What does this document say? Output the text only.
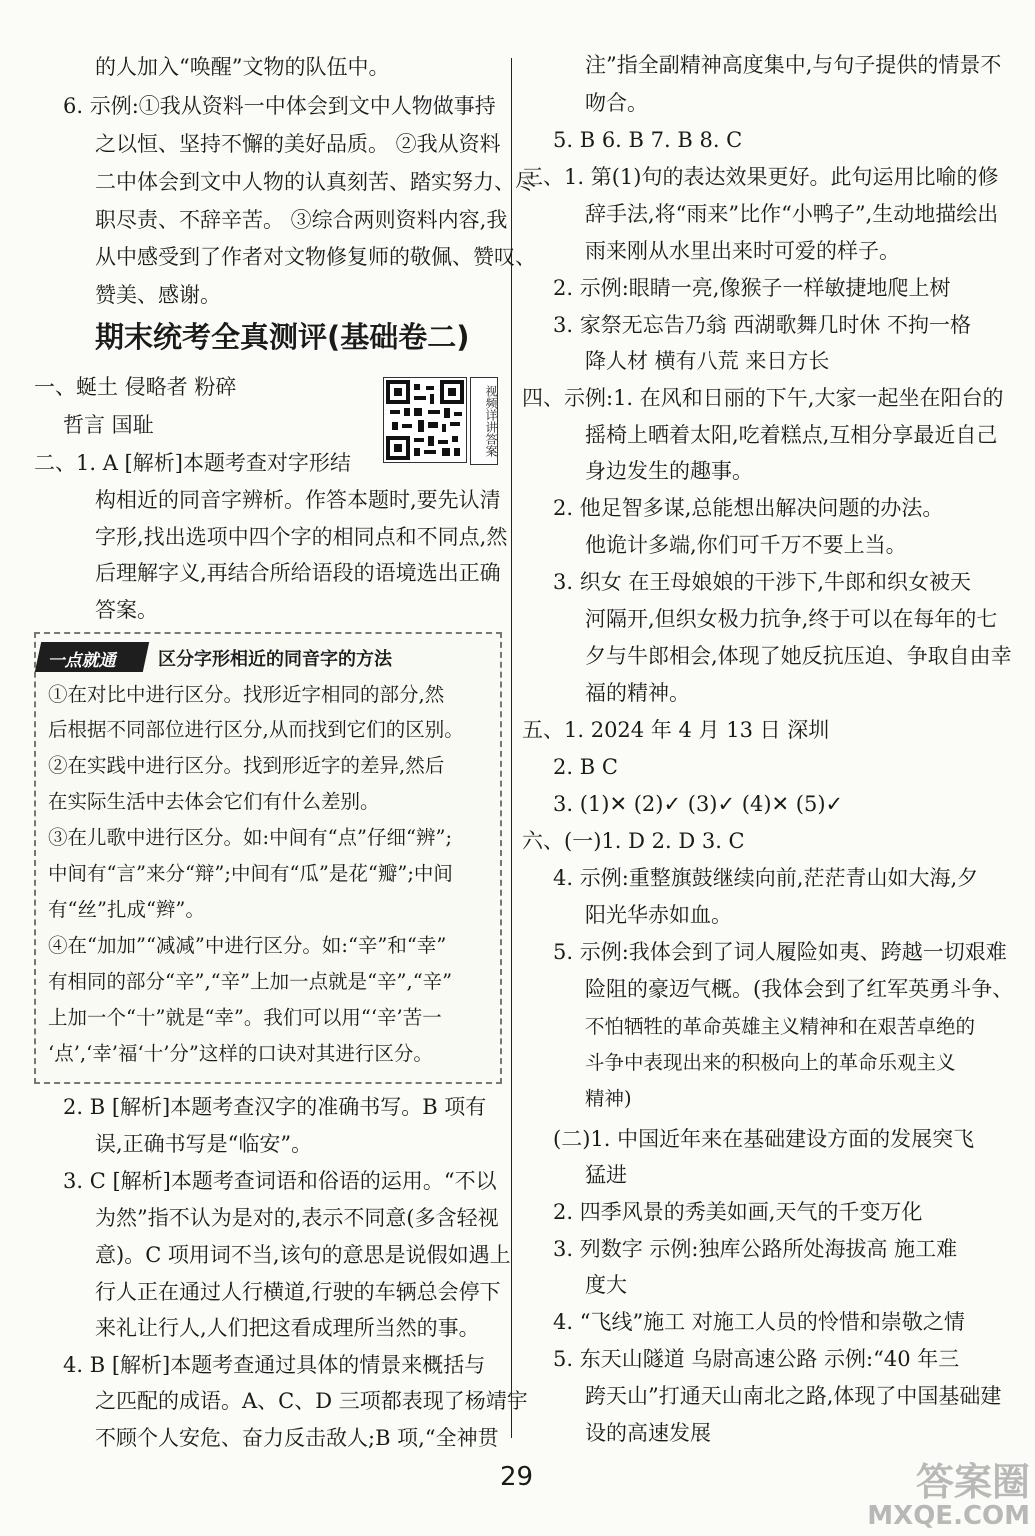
的人加入“唤醒”文物的队伍中。
6. 示例:①我从资料一中体会到文中人物做事持
之以恒、坚持不懈的美好品质。 ②我从资料
二中体会到文中人物的认真刻苦、踏实努力、尽
职尽责、不辞辛苦。 ③综合两则资料内容,我
从中感受到了作者对文物修复师的敬佩、赞叹、
赞美、感谢。
期末统考全真测评(基础卷二)
视频详讲答案
一、蜒土 侵略者 粉碎
哲言 国耻
二、1. A [解析]本题考查对字形结
构相近的同音字辨析。作答本题时,要先认清
字形,找出选项中四个字的相同点和不同点,然
后理解字义,再结合所给语段的语境选出正确
答案。
一点就通 区分字形相近的同音字的方法
①在对比中进行区分。找形近字相同的部分,然
后根据不同部位进行区分,从而找到它们的区别。
②在实践中进行区分。找到形近字的差异,然后
在实际生活中去体会它们有什么差别。
③在儿歌中进行区分。如:中间有“点”仔细“辨”;
中间有“言”来分“辩”;中间有“瓜”是花“瓣”;中间
有“丝”扎成“辫”。
④在“加加”“减减”中进行区分。如:“辛”和“幸”
有相同的部分“辛”,“辛”上加一点就是“辛”,“辛”
上加一个“十”就是“幸”。我们可以用“‘辛’苦一
‘点’,‘幸’福‘十’分”这样的口诀对其进行区分。
2. B [解析]本题考查汉字的准确书写。B 项有
误,正确书写是“临安”。
3. C [解析]本题考查词语和俗语的运用。“不以
为然”指不认为是对的,表示不同意(多含轻视
意)。C 项用词不当,该句的意思是说假如遇上
行人正在通过人行横道,行驶的车辆总会停下
来礼让行人,人们把这看成理所当然的事。
4. B [解析]本题考查通过具体的情景来概括与
之匹配的成语。A、C、D 三项都表现了杨靖宇
不顾个人安危、奋力反击敌人;B 项,“全神贯
注”指全副精神高度集中,与句子提供的情景不
吻合。
5. B 6. B 7. B 8. C
三、1. 第(1)句的表达效果更好。此句运用比喻的修
辞手法,将“雨来”比作“小鸭子”,生动地描绘出
雨来刚从水里出来时可爱的样子。
2. 示例:眼睛一亮,像猴子一样敏捷地爬上树
3. 家祭无忘告乃翁 西湖歌舞几时休 不拘一格
降人材 横有八荒 来日方长
四、示例:1. 在风和日丽的下午,大家一起坐在阳台的
摇椅上晒着太阳,吃着糕点,互相分享最近自己
身边发生的趣事。
2. 他足智多谋,总能想出解决问题的办法。
他诡计多端,你们可千万不要上当。
3. 织女 在王母娘娘的干涉下,牛郎和织女被天
河隔开,但织女极力抗争,终于可以在每年的七
夕与牛郎相会,体现了她反抗压迫、争取自由幸
福的精神。
五、1. 2024 年 4 月 13 日 深圳
2. B C
3. (1)✕ (2)✓ (3)✓ (4)✕ (5)✓
六、(一)1. D 2. D 3. C
4. 示例:重整旗鼓继续向前,茫茫青山如大海,夕
阳光华赤如血。
5. 示例:我体会到了词人履险如夷、跨越一切艰难
险阻的豪迈气概。(我体会到了红军英勇斗争、
不怕牺牲的革命英雄主义精神和在艰苦卓绝的
斗争中表现出来的积极向上的革命乐观主义
精神)
(二)1. 中国近年来在基础建设方面的发展突飞
猛进
2. 四季风景的秀美如画,天气的千变万化
3. 列数字 示例:独库公路所处海拔高 施工难
度大
4. “飞线”施工 对施工人员的怜惜和崇敬之情
5. 东天山隧道 乌尉高速公路 示例:“40 年三
跨天山”打通天山南北之路,体现了中国基础建
设的高速发展
29	答案圈
MXQE.COM
